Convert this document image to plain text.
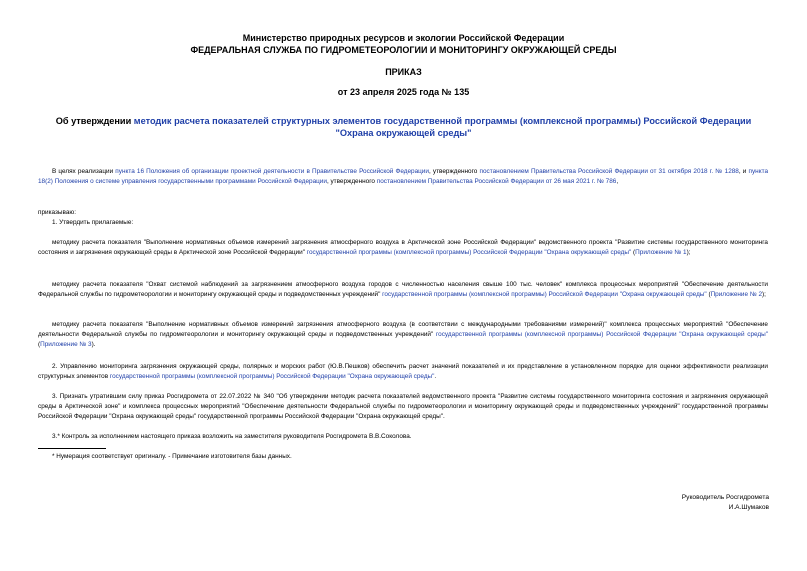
Министерство природных ресурсов и экологии Российской Федерации
ФЕДЕРАЛЬНАЯ СЛУЖБА ПО ГИДРОМЕТЕОРОЛОГИИ И МОНИТОРИНГУ ОКРУЖАЮЩЕЙ СРЕДЫ
ПРИКАЗ
от 23 апреля 2025 года № 135
Об утверждении методик расчета показателей структурных элементов государственной программы (комплексной программы) Российской Федерации "Охрана окружающей среды"
В целях реализации пункта 16 Положения об организации проектной деятельности в Правительстве Российской Федерации, утвержденного постановлением Правительства Российской Федерации от 31 октября 2018 г. № 1288, и пункта 18(2) Положения о системе управления государственными программами Российской Федерации, утвержденного постановлением Правительства Российской Федерации от 26 мая 2021 г. № 786,
приказываю:
1. Утвердить прилагаемые:
методику расчета показателя "Выполнение нормативных объемов измерений загрязнения атмосферного воздуха в Арктической зоне Российской Федерации" ведомственного проекта "Развитие системы государственного мониторинга состояния и загрязнения окружающей среды в Арктической зоне Российской Федерации" государственной программы (комплексной программы) Российской Федерации "Охрана окружающей среды" (Приложение № 1);
методику расчета показателя "Охват системой наблюдений за загрязнением атмосферного воздуха городов с численностью населения свыше 100 тыс. человек" комплекса процессных мероприятий "Обеспечение деятельности Федеральной службы по гидрометеорологии и мониторингу окружающей среды и подведомственных учреждений" государственной программы (комплексной программы) Российской Федерации "Охрана окружающей среды" (Приложение № 2);
методику расчета показателя "Выполнение нормативных объемов измерений загрязнения атмосферного воздуха (в соответствии с международными требованиями измерений)" комплекса процессных мероприятий "Обеспечение деятельности Федеральной службы по гидрометеорологии и мониторингу окружающей среды и подведомственных учреждений" государственной программы (комплексной программы) Российской Федерации "Охрана окружающей среды" (Приложение № 3).
2. Управлению мониторинга загрязнения окружающей среды, полярных и морских работ (Ю.В.Пешков) обеспечить расчет значений показателей и их представление в установленном порядке для оценки эффективности реализации структурных элементов государственной программы (комплексной программы) Российской Федерации "Охрана окружающей среды".
3. Признать утратившим силу приказ Росгидромета от 22.07.2022 № 340 "Об утверждении методик расчета показателей ведомственного проекта "Развитие системы государственного мониторинга состояния и загрязнения окружающей среды в Арктической зоне" и комплекса процессных мероприятий "Обеспечение деятельности Федеральной службы по гидрометеорологии и мониторингу окружающей среды и подведомственных учреждений" государственной программы Российской Федерации "Охрана окружающей среды" государственной программы Российской Федерации "Охрана окружающей среды".
3.* Контроль за исполнением настоящего приказа возложить на заместителя руководителя Росгидромета В.В.Соколова.
* Нумерация соответствует оригиналу. - Примечание изготовителя базы данных.
Руководитель Росгидромета
И.А.Шумаков
